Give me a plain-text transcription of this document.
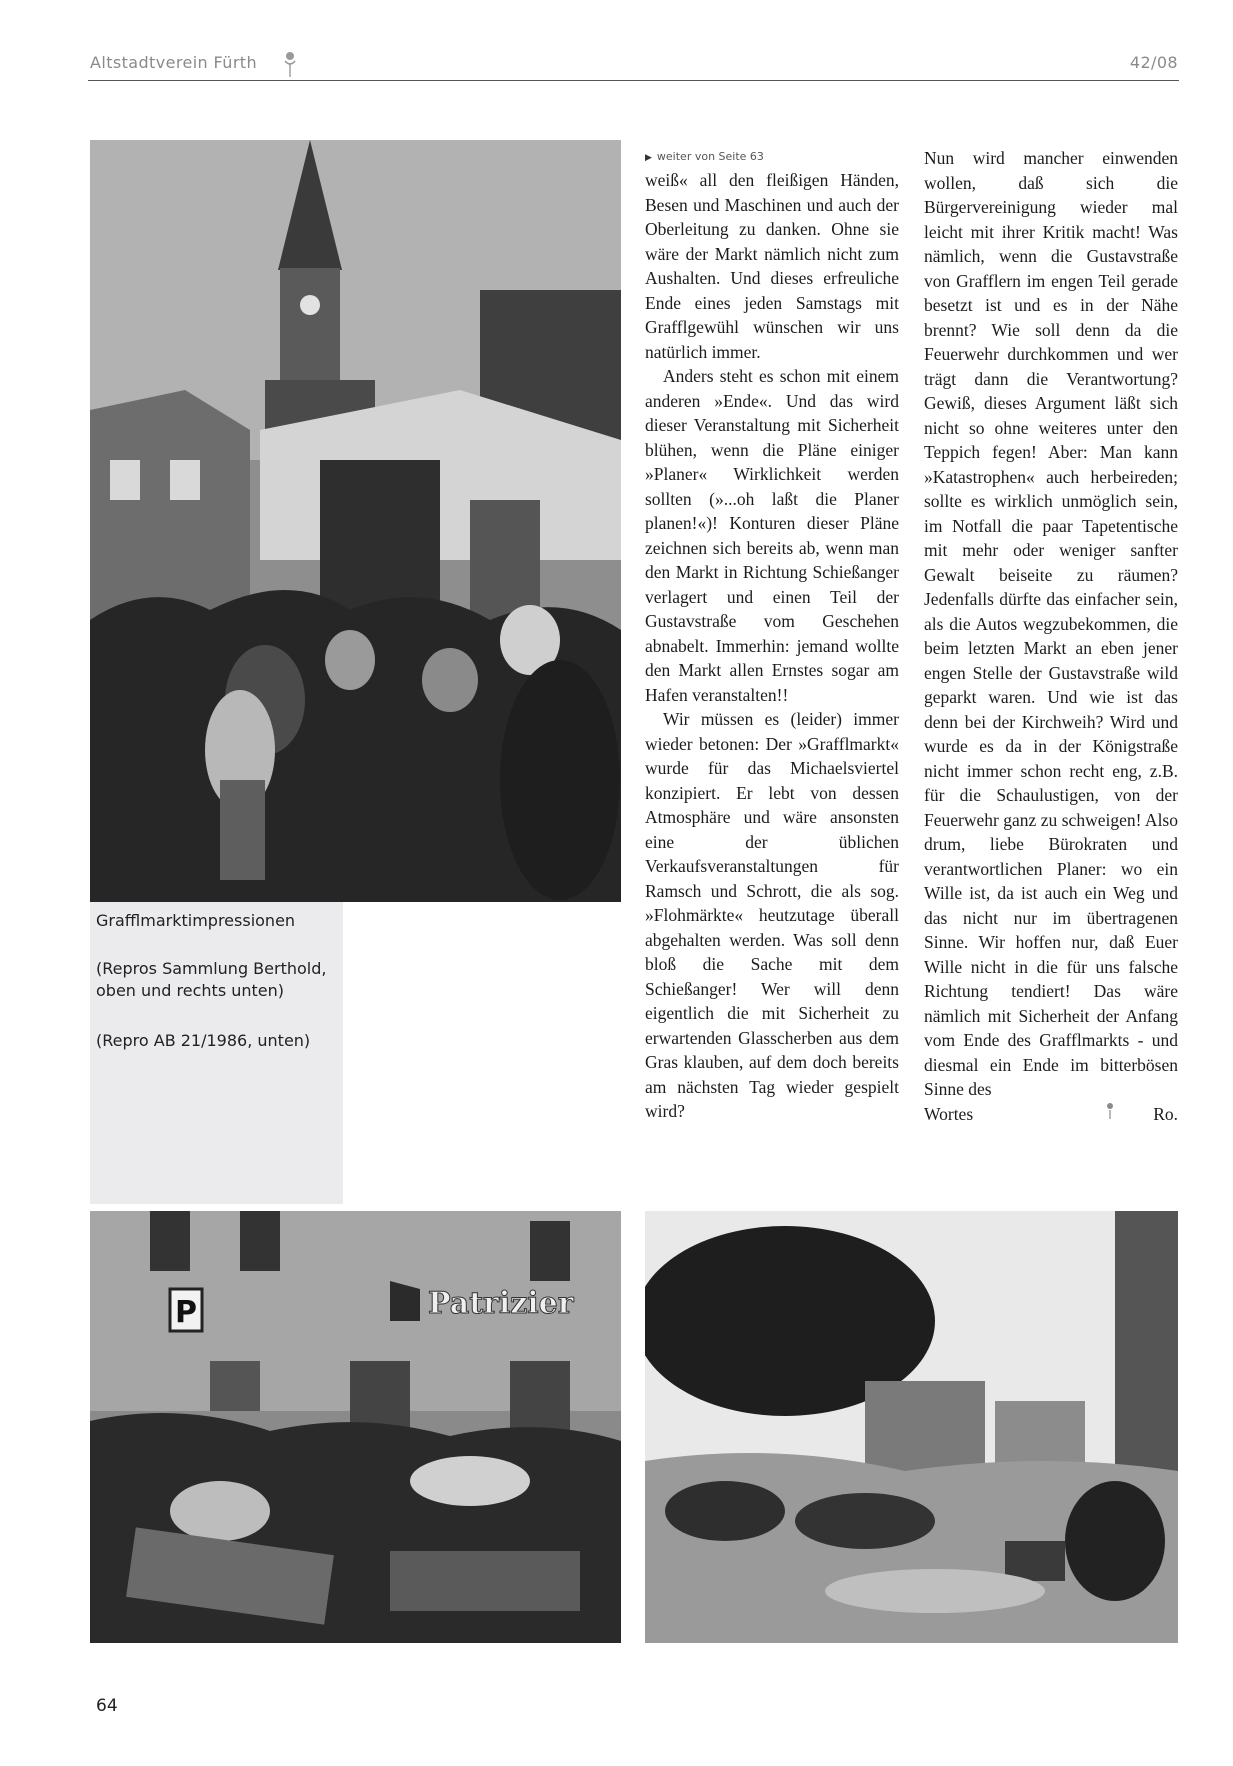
Altstadtverein Fürth	42/08
Grafflmarktimpressionen
(Repros Sammlung Berthold, oben und rechts unten)
(Repro AB 21/1986, unten)
▶ weiter von Seite 63

weiß« all den fleißigen Händen, Besen und Maschinen und auch der Oberleitung zu danken. Ohne sie wäre der Markt nämlich nicht zum Aushalten. Und dieses erfreuliche Ende eines jeden Samstags mit Grafflgewühl wünschen wir uns natürlich immer.

Anders steht es schon mit einem anderen »Ende«. Und das wird dieser Veranstaltung mit Sicherheit blühen, wenn die Pläne einiger »Planer« Wirklichkeit werden sollten (»...oh laßt die Planer planen!«)! Konturen dieser Pläne zeichnen sich bereits ab, wenn man den Markt in Richtung Schießanger verlagert und einen Teil der Gustavstraße vom Geschehen abnabelt. Immerhin: jemand wollte den Markt allen Ernstes sogar am Hafen veranstalten!!

Wir müssen es (leider) immer wieder betonen: Der »Grafflmarkt« wurde für das Michaelsviertel konzipiert. Er lebt von dessen Atmosphäre und wäre ansonsten eine der üblichen Verkaufsveranstaltungen für Ramsch und Schrott, die als sog. »Flohmärkte« heutzutage überall abgehalten werden. Was soll denn bloß die Sache mit dem Schießanger! Wer will denn eigentlich die mit Sicherheit zu erwartenden Glasscherben aus dem Gras klauben, auf dem doch bereits am nächsten Tag wieder gespielt wird?

Nun wird mancher einwenden wollen, daß sich die Bürgervereinigung wieder mal leicht mit ihrer Kritik macht! Was nämlich, wenn die Gustavstraße von Grafflern im engen Teil gerade besetzt ist und es in der Nähe brennt? Wie soll denn da die Feuerwehr durchkommen und wer trägt dann die Verantwortung? Gewiß, dieses Argument läßt sich nicht so ohne weiteres unter den Teppich fegen! Aber: Man kann »Katastrophen« auch herbeireden; sollte es wirklich unmöglich sein, im Notfall die paar Tapetentische mit mehr oder weniger sanfter Gewalt beiseite zu räumen? Jedenfalls dürfte das einfacher sein, als die Autos wegzubekommen, die beim letzten Markt an eben jener engen Stelle der Gustavstraße wild geparkt waren. Und wie ist das denn bei der Kirchweih? Wird und wurde es da in der Königstraße nicht immer schon recht eng, z.B. für die Schaulustigen, von der Feuerwehr ganz zu schweigen! Also drum, liebe Bürokraten und verantwortlichen Planer: wo ein Wille ist, da ist auch ein Weg und das nicht nur im übertragenen Sinne. Wir hoffen nur, daß Euer Wille nicht in die für uns falsche Richtung tendiert! Das wäre nämlich mit Sicherheit der Anfang vom Ende des Grafflmarkts - und diesmal ein Ende im bitterbösen Sinne des

Wortes	Ro.
P	Patrizier
64
